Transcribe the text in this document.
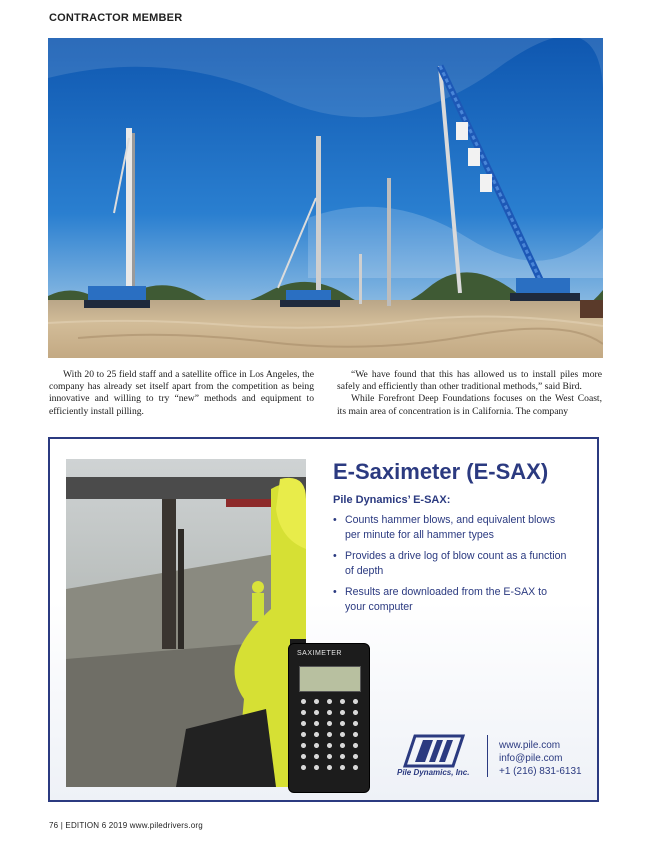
CONTRACTOR MEMBER

With 20 to 25 field staff and a satellite office in Los Angeles, the company has already set itself apart from the competition as being innovative and willing to try “new” methods and equipment to efficiently install pilling.

“We have found that this has allowed us to install piles more safely and efficiently than other traditional methods,” said Bird.

While Forefront Deep Foundations focuses on the West Coast, its main area of concentration is in California. The company

SAXIMETER
E-Saximeter (E-SAX)
Pile Dynamics’ E-SAX:
• Counts hammer blows, and equivalent blows per minute for all hammer types
• Provides a drive log of blow count as a function of depth
• Results are downloaded from the E-SAX to your computer
Pile Dynamics, Inc.
www.pile.com
info@pile.com
+1 (216) 831-6131
76 | EDITION 6 2019 www.piledrivers.org
